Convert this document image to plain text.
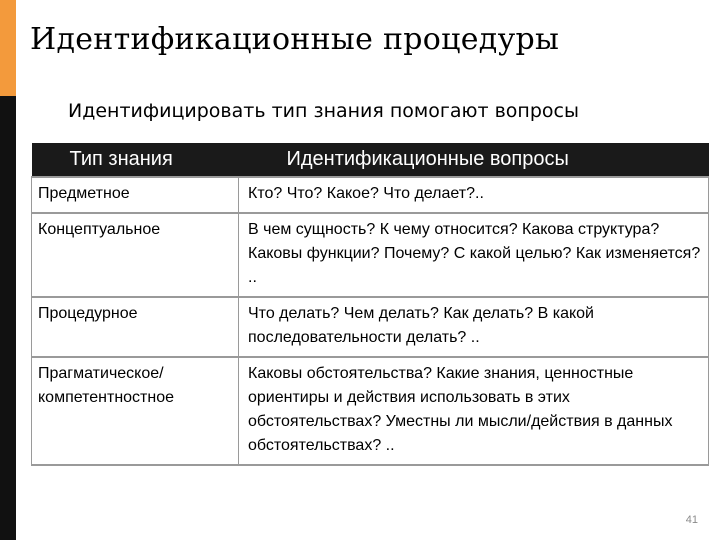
Идентификационные процедуры
Идентифицировать тип знания помогают вопросы
Тип знания	Идентификационные вопросы
Предметное	Кто? Что? Какое? Что делает?..
Концептуальное	В чем сущность? К чему относится? Какова структура? Каковы функции? Почему? С какой целью? Как изменяется? ..
Процедурное	Что делать? Чем делать? Как делать? В какой последовательности делать? ..
Прагматическое/ компетентностное	Каковы обстоятельства? Какие знания, ценностные ориентиры и действия использовать в этих обстоятельствах? Уместны ли мысли/действия в данных обстоятельствах? ..
41
